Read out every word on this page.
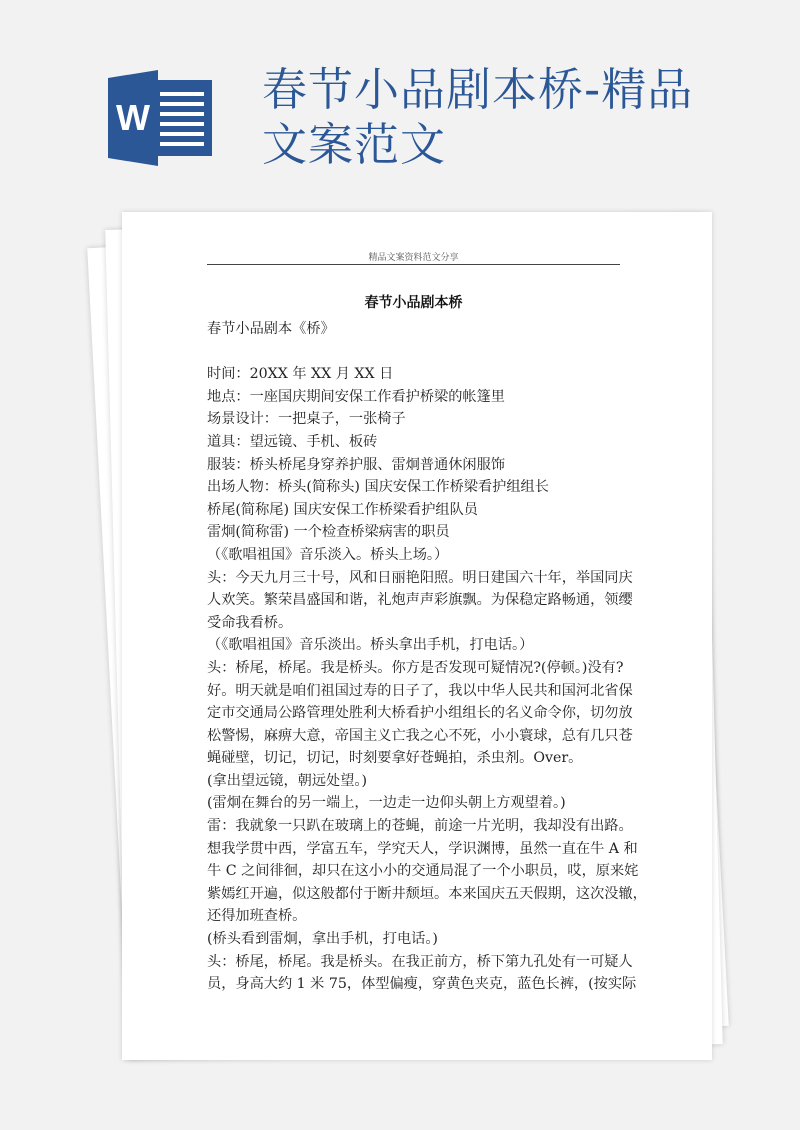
W
春节小品剧本桥-精品文案范文
精品文案资料范文分享
春节小品剧本桥

春节小品剧本《桥》

时间：20XX 年 XX 月 XX 日

地点：一座国庆期间安保工作看护桥梁的帐篷里

场景设计：一把桌子，一张椅子

道具：望远镜、手机、板砖

服装：桥头桥尾身穿养护服、雷炯普通休闲服饰

出场人物：桥头(简称头) 国庆安保工作桥梁看护组组长

桥尾(简称尾) 国庆安保工作桥梁看护组队员

雷炯(简称雷) 一个检查桥梁病害的职员

（《歌唱祖国》音乐淡入。桥头上场。）

头：今天九月三十号，风和日丽艳阳照。明日建国六十年，举国同庆

人欢笑。繁荣昌盛国和谐，礼炮声声彩旗飘。为保稳定路畅通，领缨

受命我看桥。

（《歌唱祖国》音乐淡出。桥头拿出手机，打电话。）

头：桥尾，桥尾。我是桥头。你方是否发现可疑情况?(停顿。)没有?

好。明天就是咱们祖国过寿的日子了，我以中华人民共和国河北省保

定市交通局公路管理处胜利大桥看护小组组长的名义命令你，切勿放

松警惕，麻痹大意，帝国主义亡我之心不死，小小寰球，总有几只苍

蝇碰壁，切记，切记，时刻要拿好苍蝇拍，杀虫剂。Over。

(拿出望远镜，朝远处望。)

(雷炯在舞台的另一端上，一边走一边仰头朝上方观望着。)

雷：我就象一只趴在玻璃上的苍蝇，前途一片光明，我却没有出路。

想我学贯中西，学富五车，学究天人，学识渊博，虽然一直在牛 A 和

牛 C 之间徘徊，却只在这小小的交通局混了一个小职员，哎，原来姹

紫嫣红开遍，似这般都付于断井颓垣。本来国庆五天假期，这次没辙，

还得加班查桥。

(桥头看到雷炯，拿出手机，打电话。)

头：桥尾，桥尾。我是桥头。在我正前方，桥下第九孔处有一可疑人

员，身高大约 1 米 75，体型偏瘦，穿黄色夹克，蓝色长裤，(按实际
